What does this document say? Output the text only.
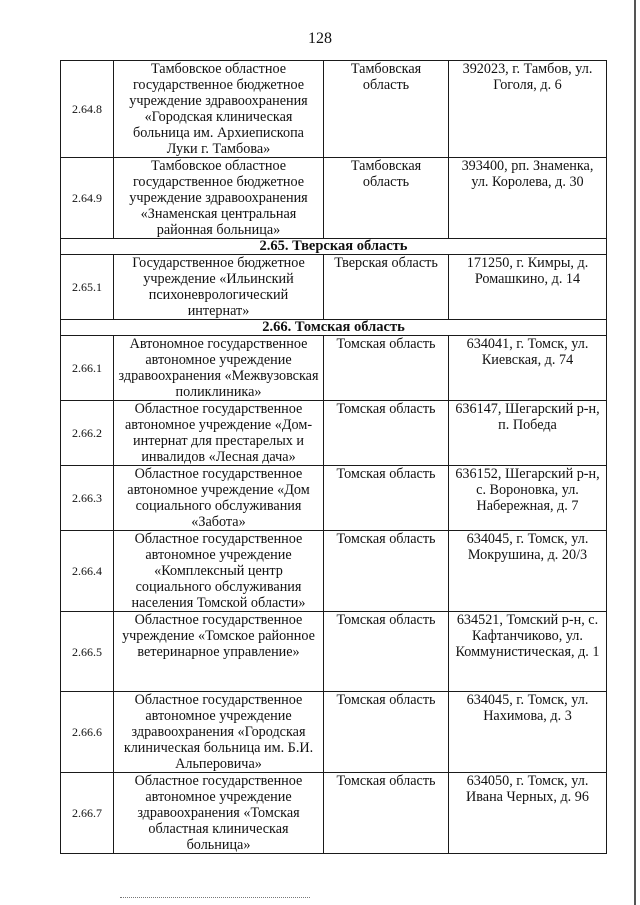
128
2.64.8	Тамбовское областное государственное бюджетное учреждение здравоохранения «Городская клиническая больница им. Архиепископа Луки г. Тамбова»	Тамбовская область	392023, г. Тамбов, ул. Гоголя, д. 6
2.64.9	Тамбовское областное государственное бюджетное учреждение здравоохранения «Знаменская центральная районная больница»	Тамбовская область	393400, рп. Знаменка, ул. Королева, д. 30
2.65. Тверская область			
2.65.1	Государственное бюджетное учреждение «Ильинский психоневрологический интернат»	Тверская область	171250, г. Кимры, д. Ромашкино, д. 14
2.66. Томская область			
2.66.1	Автономное государственное автономное учреждение здравоохранения «Межвузовская поликлиника»	Томская область	634041, г. Томск, ул. Киевская, д. 74
2.66.2	Областное государственное автономное учреждение «Дом-интернат для престарелых и инвалидов «Лесная дача»	Томская область	636147, Шегарский р-н, п. Победа
2.66.3	Областное государственное автономное учреждение «Дом социального обслуживания «Забота»	Томская область	636152, Шегарский р-н, с. Вороновка, ул. Набережная, д. 7
2.66.4	Областное государственное автономное учреждение «Комплексный центр социального обслуживания населения Томской области»	Томская область	634045, г. Томск, ул. Мокрушина, д. 20/3
2.66.5	Областное государственное учреждение «Томское районное ветеринарное управление»	Томская область	634521, Томский р-н, с. Кафтанчиково, ул. Коммунистическая, д. 1
2.66.6	Областное государственное автономное учреждение здравоохранения «Городская клиническая больница им. Б.И. Альперовича»	Томская область	634045, г. Томск, ул. Нахимова, д. 3
2.66.7	Областное государственное автономное учреждение здравоохранения «Томская областная клиническая больница»	Томская область	634050, г. Томск, ул. Ивана Черных, д. 96
